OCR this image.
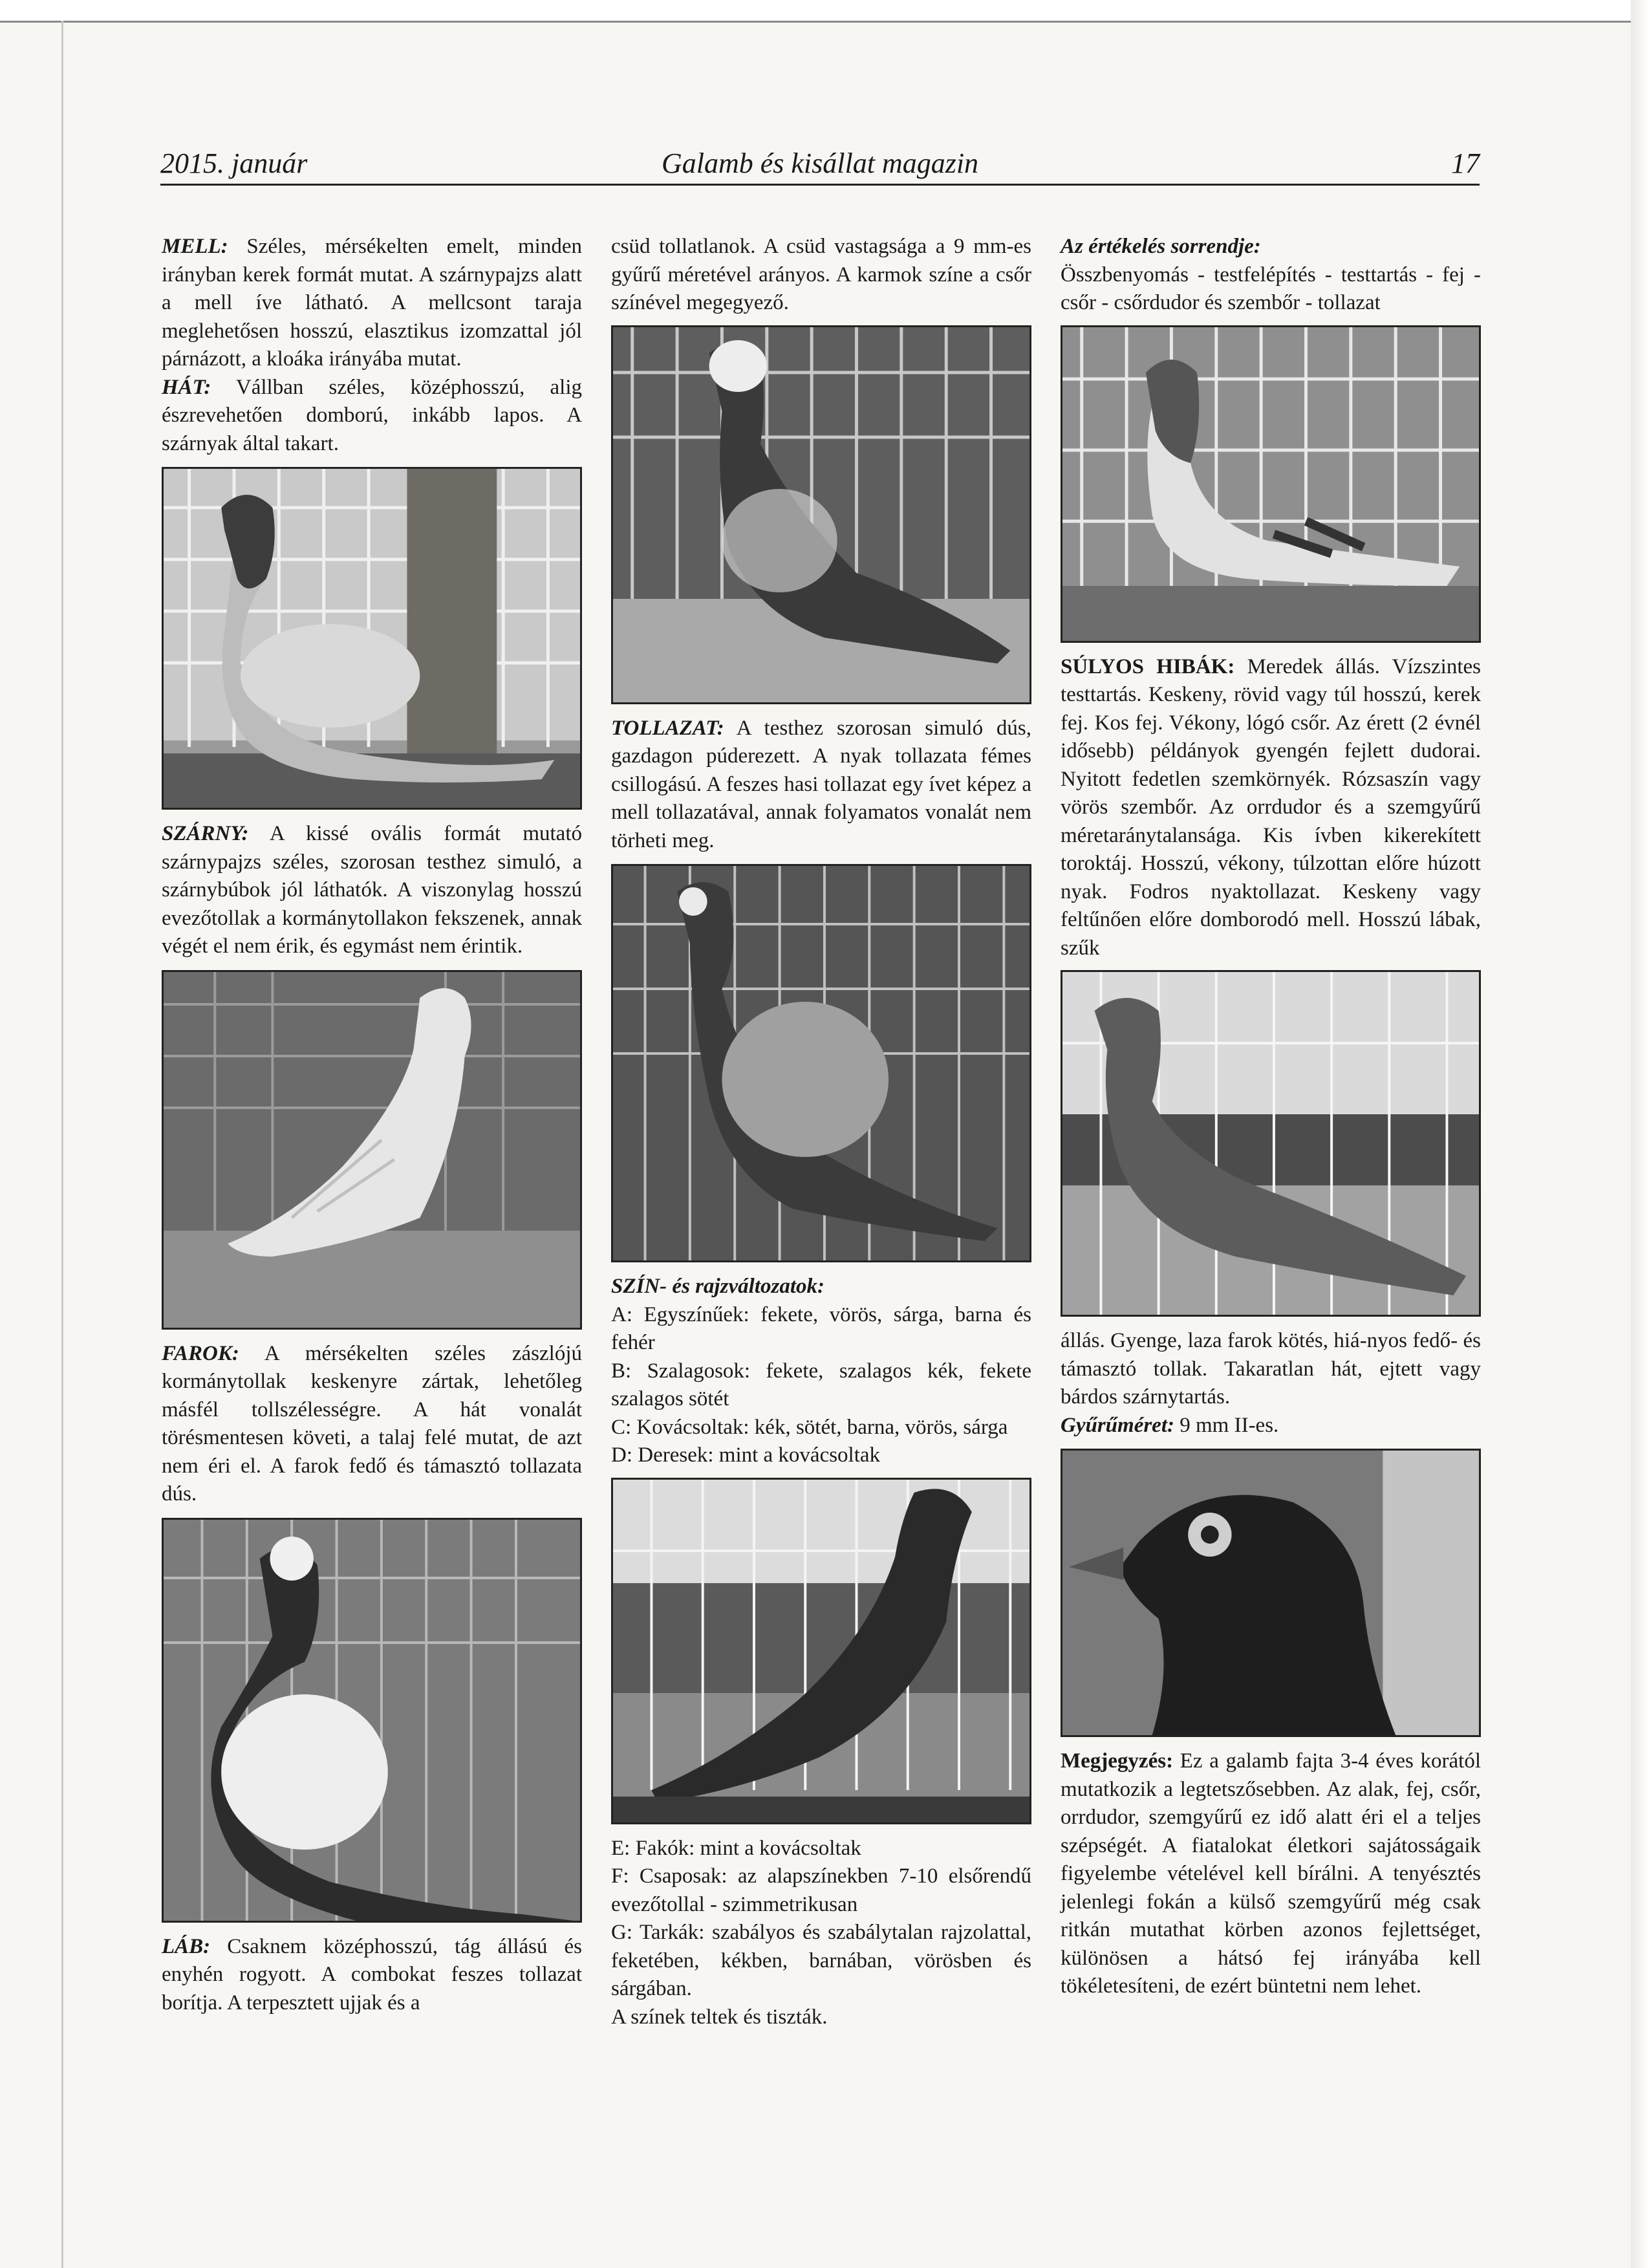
2015. január	Galamb és kisállat magazin	17

MELL: Széles, mérsékelten emelt, minden irányban kerek formát mutat. A szárnypajzs alatt a mell íve látható. A mellcsont taraja meglehetősen hosszú, elasztikus izomzattal jól párnázott, a kloáka irányába mutat.

HÁT: Vállban széles, középhosszú, alig észrevehetően domború, inkább lapos. A szárnyak által takart.

SZÁRNY: A kissé ovális formát mutató szárnypajzs széles, szorosan testhez simuló, a szárnybúbok jól láthatók. A viszonylag hosszú evezőtollak a kormánytollakon fekszenek, annak végét el nem érik, és egymást nem érintik.

FAROK: A mérsékelten széles zászlójú kormánytollak keskenyre zártak, lehetőleg másfél tollszélességre. A hát vonalát törésmentesen követi, a talaj felé mutat, de azt nem éri el. A farok fedő és támasztó tollazata dús.

LÁB: Csaknem középhosszú, tág állású és enyhén rogyott. A combokat feszes tollazat borítja. A terpesztett ujjak és a

csüd tollatlanok. A csüd vastagsága a 9 mm-es gyűrű méretével arányos. A karmok színe a csőr színével megegyező.

TOLLAZAT: A testhez szorosan simuló dús, gazdagon púderezett. A nyak tollazata fémes csillogású. A feszes hasi tollazat egy ívet képez a mell tollazatával, annak folyamatos vonalát nem törheti meg.

SZÍN- és rajzváltozatok:

A: Egyszínűek: fekete, vörös, sárga, barna és fehér

B: Szalagosok: fekete, szalagos kék, fekete szalagos sötét

C: Kovácsoltak: kék, sötét, barna, vörös, sárga

D: Deresek: mint a kovácsoltak

E: Fakók: mint a kovácsoltak

F: Csaposak: az alapszínekben 7-10 elsőrendű evezőtollal - szimmetrikusan

G: Tarkák: szabályos és szabálytalan rajzolattal, feketében, kékben, barnában, vörösben és sárgában.

A színek teltek és tiszták.

Az értékelés sorrendje:

Összbenyomás - testfelépítés - testtartás - fej - csőr - csőrdudor és szembőr - tollazat

SÚLYOS HIBÁK: Meredek állás. Vízszintes testtartás. Keskeny, rövid vagy túl hosszú, kerek fej. Kos fej. Vékony, lógó csőr. Az érett (2 évnél idősebb) példányok gyengén fejlett dudorai. Nyitott fedetlen szemkörnyék. Rózsaszín vagy vörös szembőr. Az orrdudor és a szemgyűrű méretaránytalansága. Kis ívben kikerekített toroktáj. Hosszú, vékony, túlzottan előre húzott nyak. Fodros nyaktollazat. Keskeny vagy feltűnően előre domborodó mell. Hosszú lábak, szűk

állás. Gyenge, laza farok kötés, hiá-nyos fedő- és támasztó tollak. Takaratlan hát, ejtett vagy bárdos szárnytartás.

Gyűrűméret: 9 mm II-es.

Megjegyzés: Ez a galamb fajta 3-4 éves korától mutatkozik a legtetszősebben. Az alak, fej, csőr, orrdudor, szemgyűrű ez idő alatt éri el a teljes szépségét. A fiatalokat életkori sajátosságaik figyelembe vételével kell bírálni. A tenyésztés jelenlegi fokán a külső szemgyűrű még csak ritkán mutathat körben azonos fejlettséget, különösen a hátsó fej irányába kell tökéletesíteni, de ezért büntetni nem lehet.
